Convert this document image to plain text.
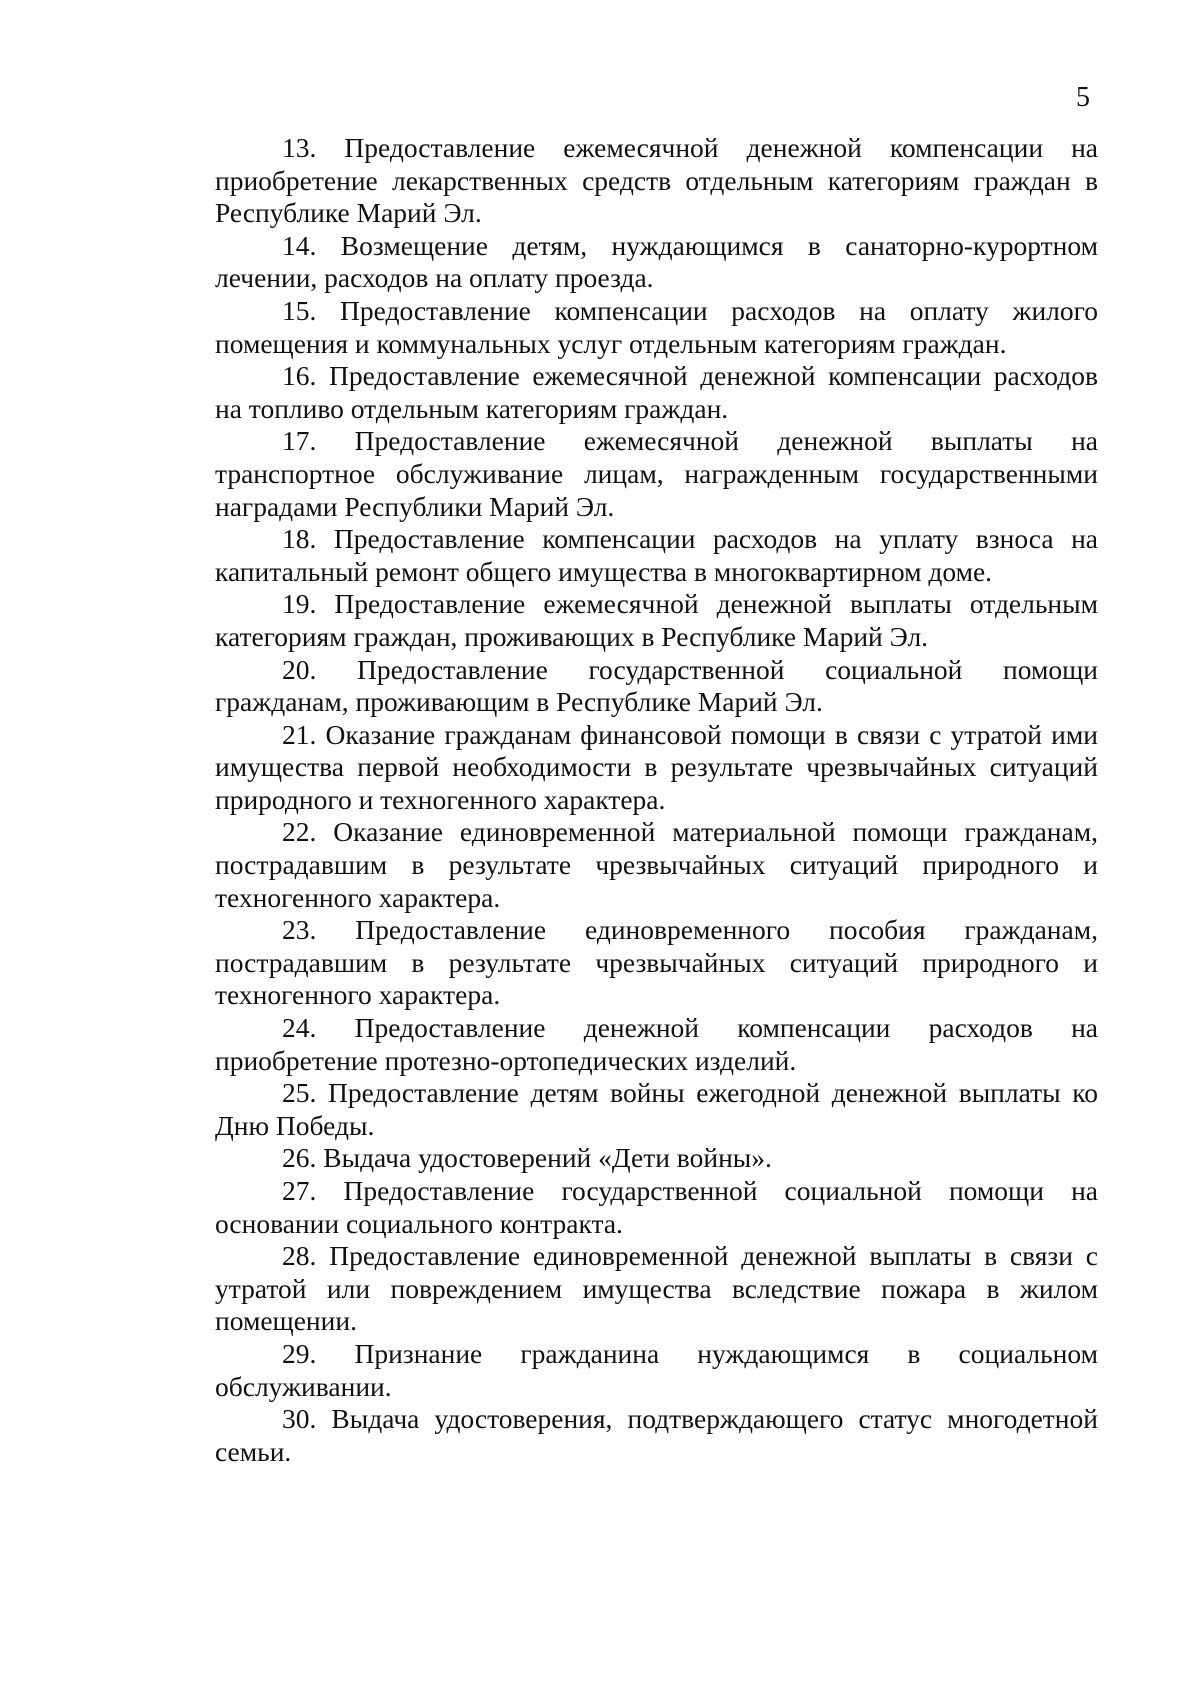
5

13. Предоставление ежемесячной денежной компенсации на приобретение лекарственных средств отдельным категориям граждан в Республике Марий Эл.

14. Возмещение детям, нуждающимся в санаторно-курортном лечении, расходов на оплату проезда.

15. Предоставление компенсации расходов на оплату жилого помещения и коммунальных услуг отдельным категориям граждан.

16. Предоставление ежемесячной денежной компенсации расходов на топливо отдельным категориям граждан.

17. Предоставление ежемесячной денежной выплаты на транспортное обслуживание лицам, награжденным государственными наградами Республики Марий Эл.

18. Предоставление компенсации расходов на уплату взноса на капитальный ремонт общего имущества в многоквартирном доме.

19. Предоставление ежемесячной денежной выплаты отдельным категориям граждан, проживающих в Республике Марий Эл.

20. Предоставление государственной социальной помощи гражданам, проживающим в Республике Марий Эл.

21. Оказание гражданам финансовой помощи в связи с утратой ими имущества первой необходимости в результате чрезвычайных ситуаций природного и техногенного характера.

22. Оказание единовременной материальной помощи гражданам, пострадавшим в результате чрезвычайных ситуаций природного и техногенного характера.

23. Предоставление единовременного пособия гражданам, пострадавшим в результате чрезвычайных ситуаций природного и техногенного характера.

24. Предоставление денежной компенсации расходов на приобретение протезно-ортопедических изделий.

25. Предоставление детям войны ежегодной денежной выплаты ко Дню Победы.

26. Выдача удостоверений «Дети войны».

27. Предоставление государственной социальной помощи на основании социального контракта.

28. Предоставление единовременной денежной выплаты в связи с утратой или повреждением имущества вследствие пожара в жилом помещении.

29. Признание гражданина нуждающимся в социальном обслуживании.

30. Выдача удостоверения, подтверждающего статус многодетной семьи.
